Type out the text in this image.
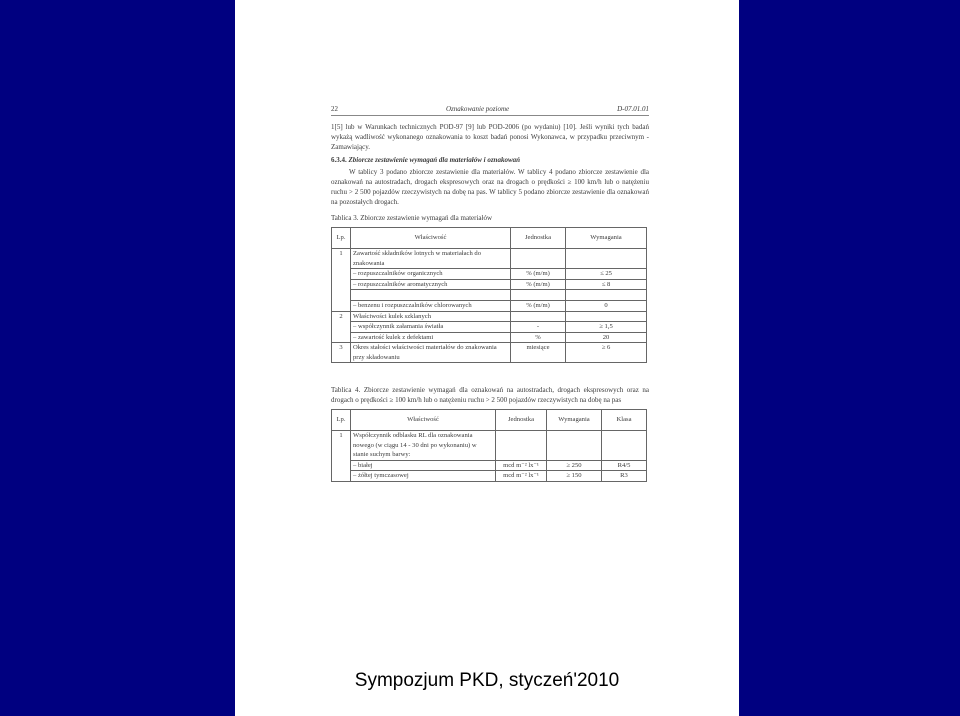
22	Oznakowanie poziome	D-07.01.01

1[5] lub w Warunkach technicznych POD-97 [9] lub POD-2006 (po wydaniu) [10]. Jeśli wyniki tych badań wykażą wadliwość wykonanego oznakowania to koszt badań ponosi Wykonawca, w przypadku przeciwnym - Zamawiający.

6.3.4. Zbiorcze zestawienie wymagań dla materiałów i oznakowań

W tablicy 3 podano zbiorcze zestawienie dla materiałów. W tablicy 4 podano zbiorcze zestawienie dla oznakowań na autostradach, drogach ekspresowych oraz na drogach o prędkości ≥ 100 km/h lub o natężeniu ruchu > 2 500 pojazdów rzeczywistych na dobę na pas. W tablicy 5 podano zbiorcze zestawienie dla oznakowań na pozostałych drogach.

Tablica 3. Zbiorcze zestawienie wymagań dla materiałów
Lp.	Właściwość	Jednostka	Wymagania
1	Zawartość składników lotnych w materiałach do znakowania		
	– rozpuszczalników organicznych	% (m/m)	≤ 25
	– rozpuszczalników aromatycznych	% (m/m)	≤ 8

	– benzenu i rozpuszczalników chlorowanych	% (m/m)	0
2	Właściwości kulek szklanych		
	– współczynnik załamania światła	-	≥ 1,5
	– zawartość kulek z defektami	%	20
3	Okres stałości właściwości materiałów do znakowania przy składowaniu	miesiące	≥ 6
Tablica 4. Zbiorcze zestawienie wymagań dla oznakowań na autostradach, drogach ekspresowych oraz na drogach o prędkości ≥ 100 km/h lub o natężeniu ruchu > 2 500 pojazdów rzeczywistych na dobę na pas
Lp.	Właściwość	Jednostka	Wymagania	Klasa
1	Współczynnik odblasku RL dla oznakowania nowego (w ciągu 14 - 30 dni po wykonaniu) w stanie suchym barwy:			
	– białej	mcd m⁻² lx⁻¹	≥ 250	R4/5
	– żółtej tymczasowej	mcd m⁻² lx⁻¹	≥ 150	R3
Sympozjum PKD, styczeń'2010
